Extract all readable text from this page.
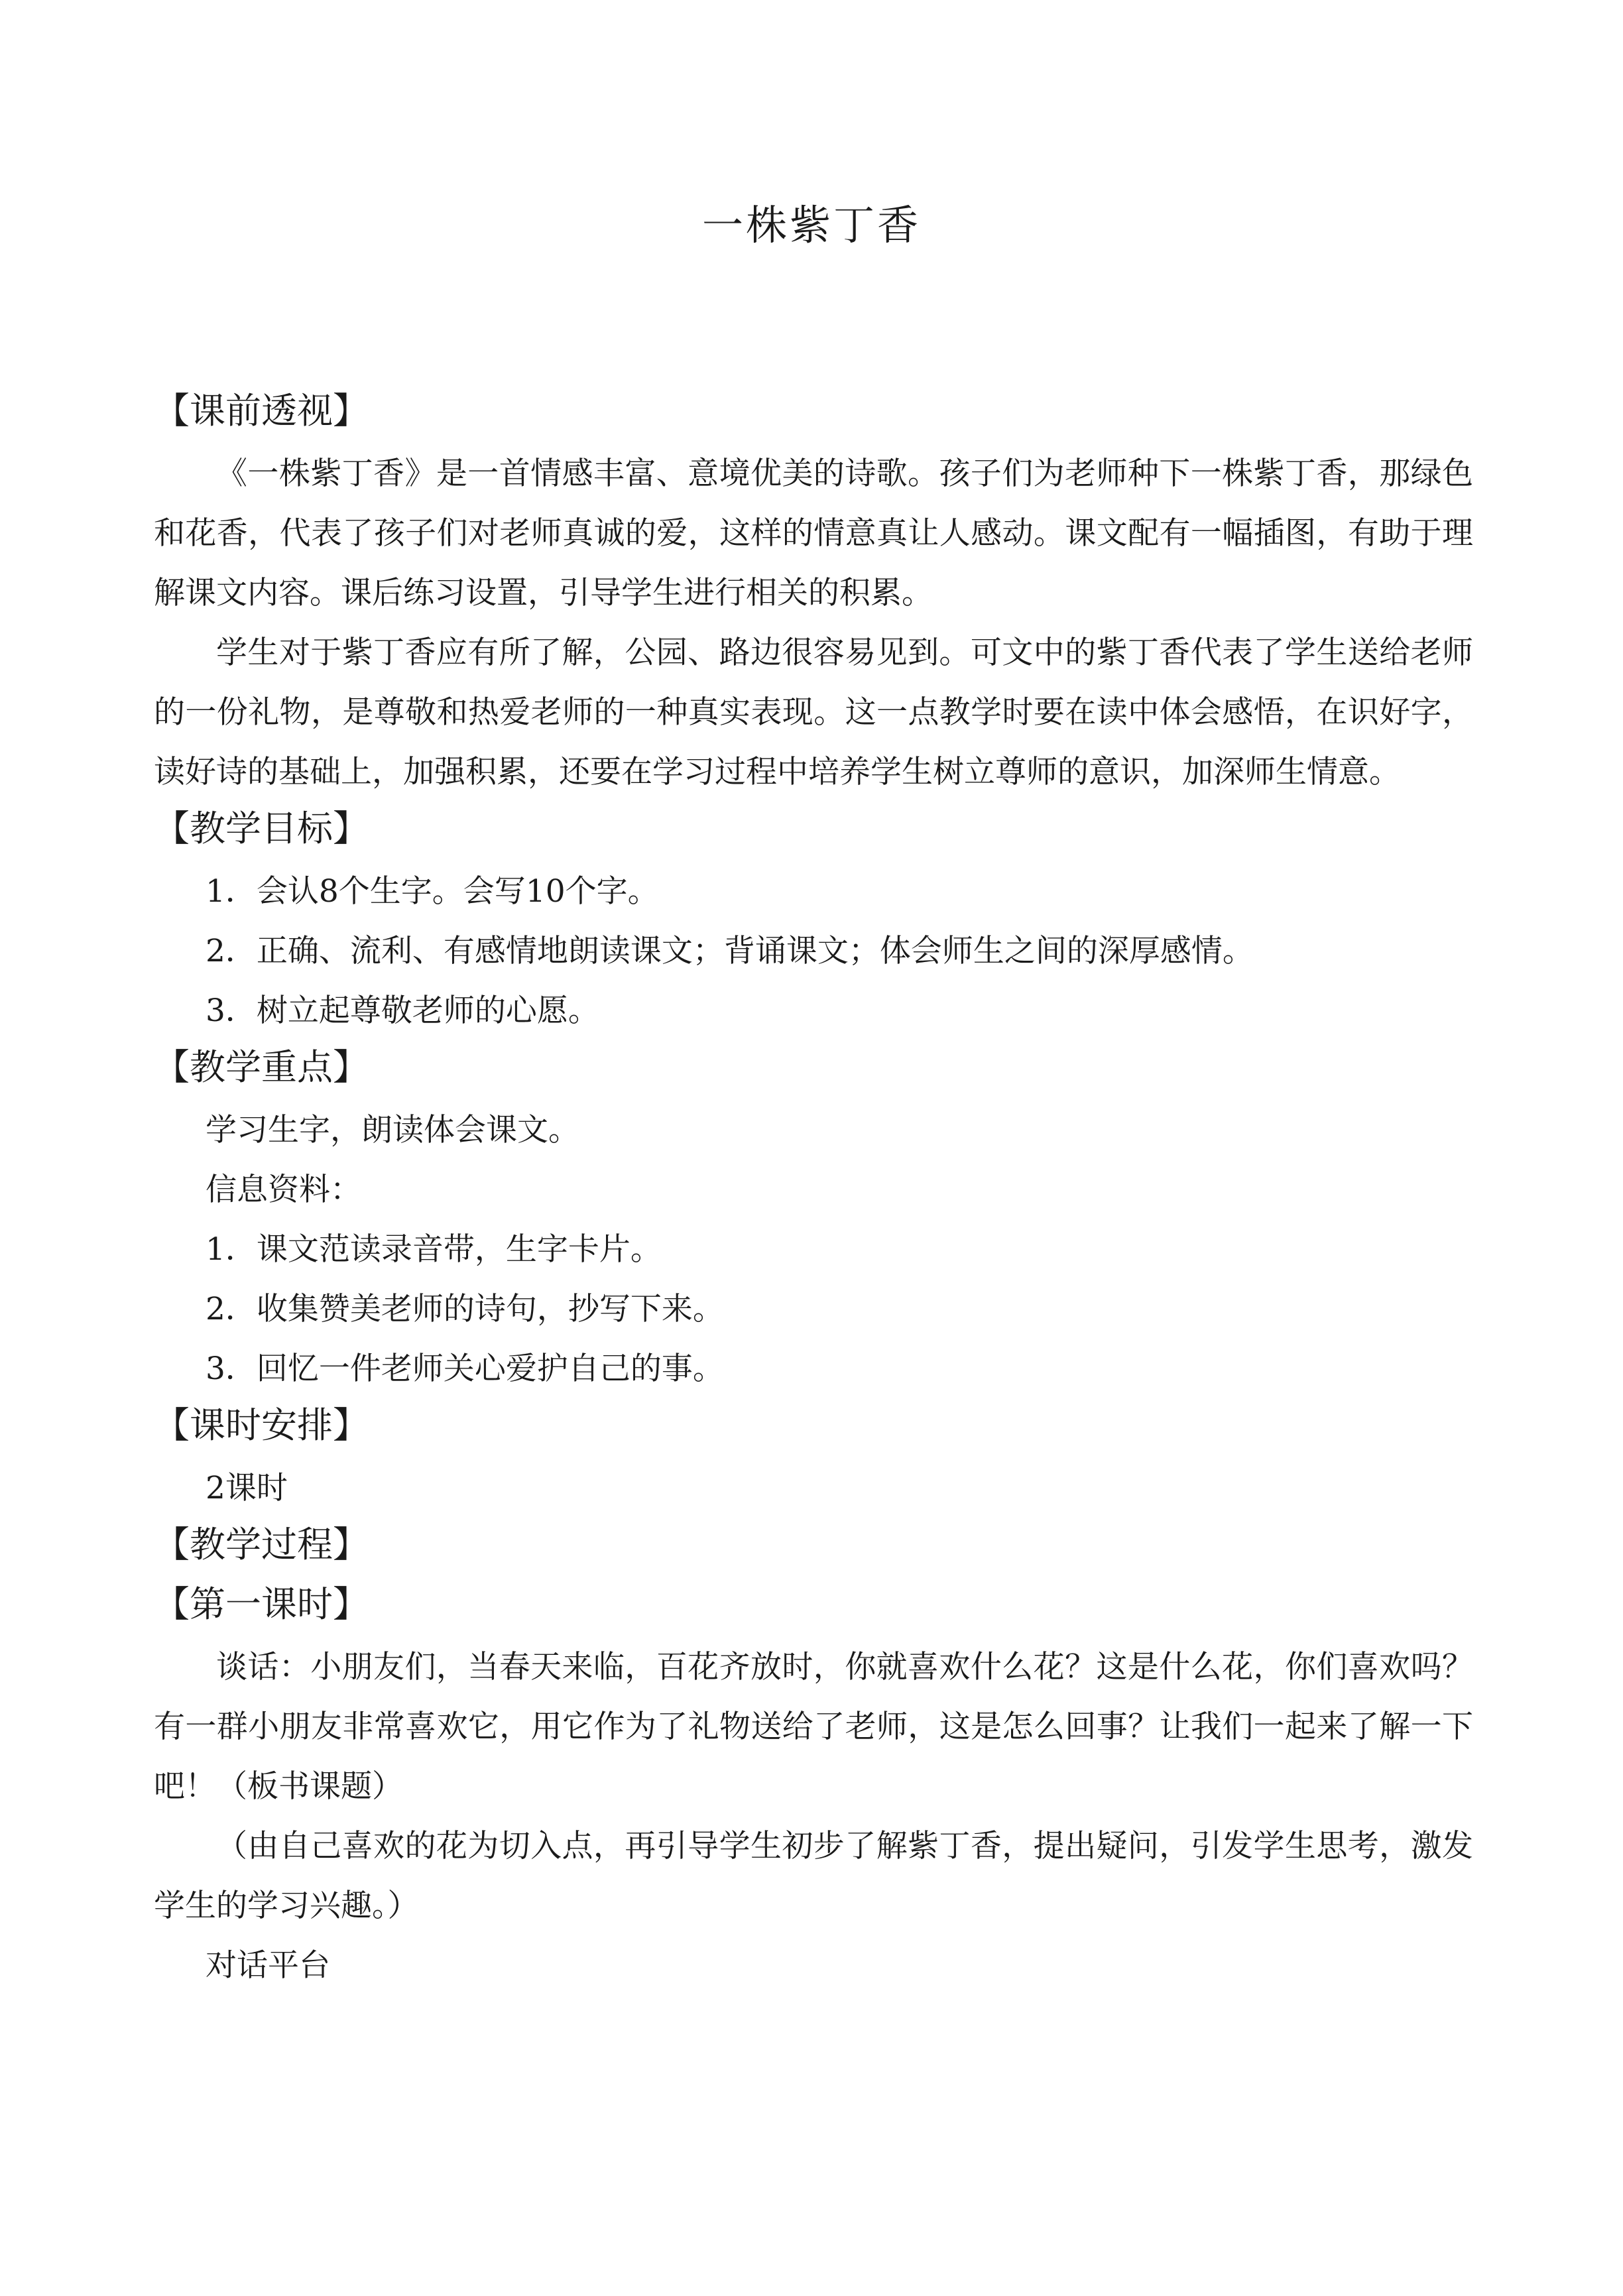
一株紫丁香
【课前透视】
《一株紫丁香》是一首情感丰富、意境优美的诗歌。孩子们为老师种下一株紫丁香，那绿色和花香，代表了孩子们对老师真诚的爱，这样的情意真让人感动。课文配有一幅插图，有助于理解课文内容。课后练习设置，引导学生进行相关的积累。
学生对于紫丁香应有所了解，公园、路边很容易见到。可文中的紫丁香代表了学生送给老师的一份礼物，是尊敬和热爱老师的一种真实表现。这一点教学时要在读中体会感悟，在识好字，读好诗的基础上，加强积累，还要在学习过程中培养学生树立尊师的意识，加深师生情意。
【教学目标】
1．会认8个生字。会写10个字。
2．正确、流利、有感情地朗读课文；背诵课文；体会师生之间的深厚感情。
3．树立起尊敬老师的心愿。
【教学重点】
学习生字，朗读体会课文。
信息资料：
1．课文范读录音带，生字卡片。
2．收集赞美老师的诗句，抄写下来。
3．回忆一件老师关心爱护自己的事。
【课时安排】
2课时
【教学过程】
【第一课时】
谈话：小朋友们，当春天来临，百花齐放时，你就喜欢什么花？这是什么花，你们喜欢吗？有一群小朋友非常喜欢它，用它作为了礼物送给了老师，这是怎么回事？让我们一起来了解一下吧！（板书课题）
（由自己喜欢的花为切入点，再引导学生初步了解紫丁香，提出疑问，引发学生思考，激发学生的学习兴趣。）
对话平台
